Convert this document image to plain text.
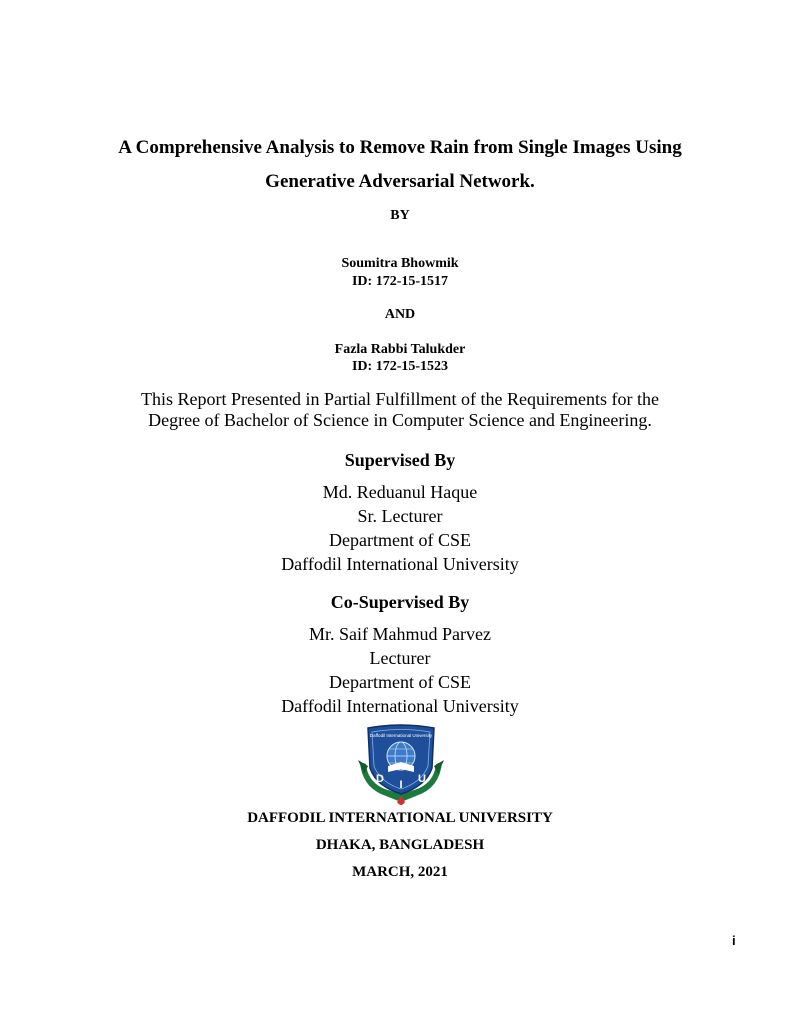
A Comprehensive Analysis to Remove Rain from Single Images Using
Generative Adversarial Network.
BY
Soumitra Bhowmik
ID: 172-15-1517
AND
Fazla Rabbi Talukder
ID: 172-15-1523
This Report Presented in Partial Fulfillment of the Requirements for the
Degree of Bachelor of Science in Computer Science and Engineering.
Supervised By
Md. Reduanul Haque
Sr. Lecturer
Department of CSE
Daffodil International University
Co-Supervised By
Mr. Saif Mahmud Parvez
Lecturer
Department of CSE
Daffodil International University
Daffodil International University
D I U
DAFFODIL INTERNATIONAL UNIVERSITY
DHAKA, BANGLADESH
MARCH, 2021
i
